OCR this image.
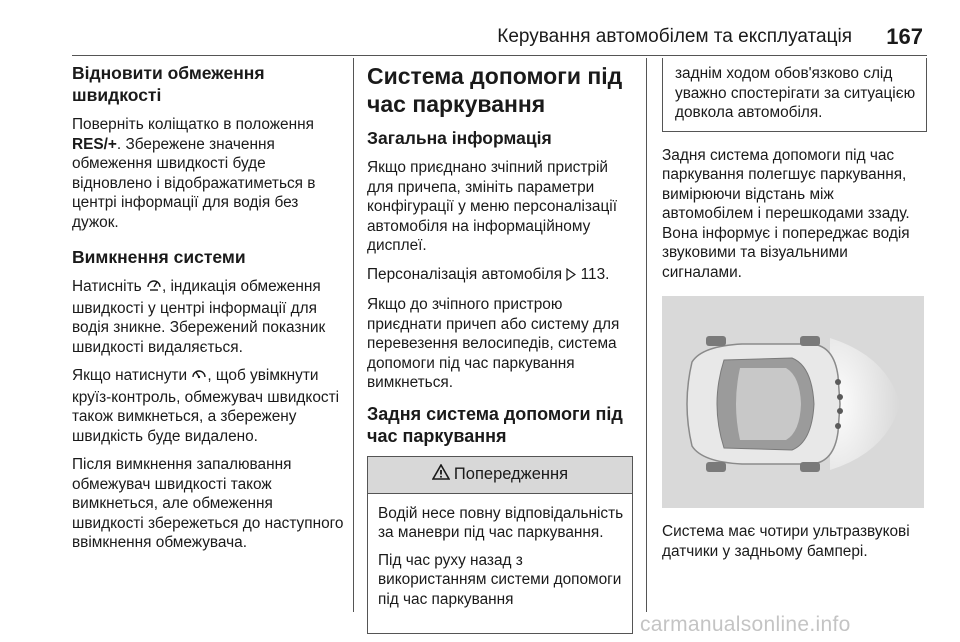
Керування автомобілем та експлуатація 167
Відновити обмеження швидкості

Поверніть коліщатко в положення RES/+. Збережене значення обмеження швидкості буде відновлено і відображатиметься в центрі інформації для водія без дужок.

Вимкнення системи

Натисніть , індикація обмеження швидкості у центрі інформації для водія зникне. Збережений показник швидкості видаляється.

Якщо натиснути , щоб увімкнути круїз-контроль, обмежувач швидкості також вимкнеться, а збережену швидкість буде видалено.

Після вимкнення запалювання обмежувач швидкості також вимкнеться, але обмеження швидкості збережеться до наступного ввімкнення обмежувача.

Система допомоги під час паркування
Загальна інформація

Якщо приєднано зчіпний пристрій для причепа, змініть параметри конфігурації у меню персоналізації автомобіля на інформаційному дисплеї.

Персоналізація автомобіля  113.

Якщо до зчіпного пристрою приєднати причеп або систему для перевезення велосипедів, система допомоги під час паркування вимкнеться.

Задня система допомоги під час паркування
Попередження

Водій несе повну відповідальність за маневри під час паркування.

Під час руху назад з використанням системи допомоги під час паркування

заднім ходом обов'язково слід уважно спостерігати за ситуацією довкола автомобіля.

Задня система допомоги під час паркування полегшує паркування, вимірюючи відстань між автомобілем і перешкодами ззаду. Вона інформує і попереджає водія звуковими та візуальними сигналами.

Система має чотири ультразвукові датчики у задньому бампері.

carmanualsonline.info
